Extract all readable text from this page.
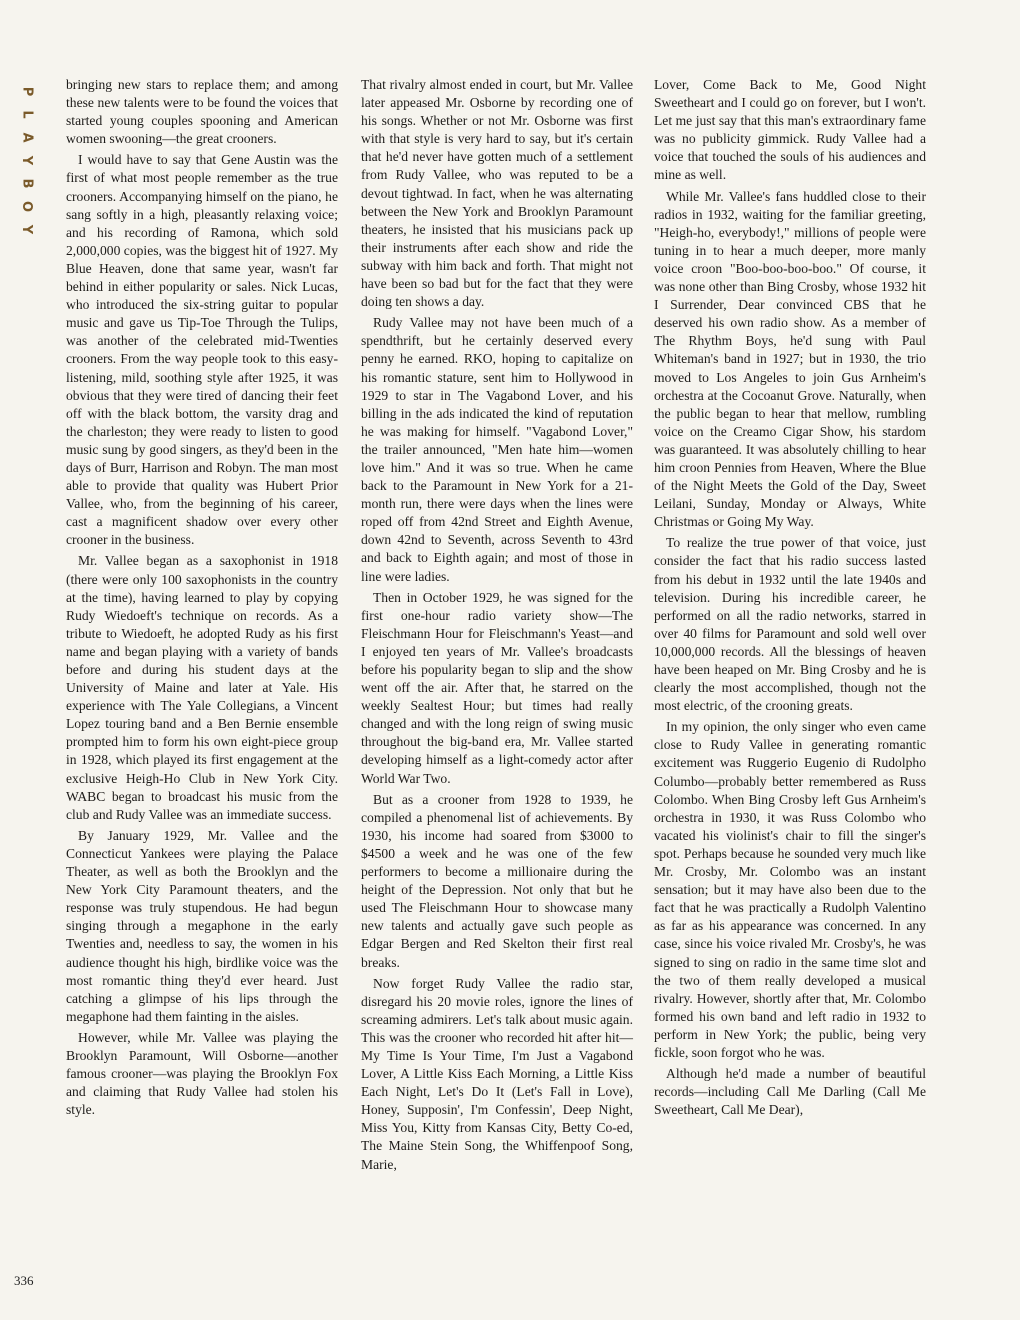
P
L
A
Y
B
O
Y
336

bringing new stars to replace them; and among these new talents were to be found the voices that started young couples spooning and American women swooning—the great crooners.

I would have to say that Gene Austin was the first of what most people remember as the true crooners. Accompanying himself on the piano, he sang softly in a high, pleasantly relaxing voice; and his recording of Ramona, which sold 2,000,000 copies, was the biggest hit of 1927. My Blue Heaven, done that same year, wasn't far behind in either popularity or sales. Nick Lucas, who introduced the six-string guitar to popular music and gave us Tip-Toe Through the Tulips, was another of the celebrated mid-Twenties crooners. From the way people took to this easy-listening, mild, soothing style after 1925, it was obvious that they were tired of dancing their feet off with the black bottom, the varsity drag and the charleston; they were ready to listen to good music sung by good singers, as they'd been in the days of Burr, Harrison and Robyn. The man most able to provide that quality was Hubert Prior Vallee, who, from the beginning of his career, cast a magnificent shadow over every other crooner in the business.

Mr. Vallee began as a saxophonist in 1918 (there were only 100 saxophonists in the country at the time), having learned to play by copying Rudy Wiedoeft's technique on records. As a tribute to Wiedoeft, he adopted Rudy as his first name and began playing with a variety of bands before and during his student days at the University of Maine and later at Yale. His experience with The Yale Collegians, a Vincent Lopez touring band and a Ben Bernie ensemble prompted him to form his own eight-piece group in 1928, which played its first engagement at the exclusive Heigh-Ho Club in New York City. WABC began to broadcast his music from the club and Rudy Vallee was an immediate success.

By January 1929, Mr. Vallee and the Connecticut Yankees were playing the Palace Theater, as well as both the Brooklyn and the New York City Paramount theaters, and the response was truly stupendous. He had begun singing through a megaphone in the early Twenties and, needless to say, the women in his audience thought his high, birdlike voice was the most romantic thing they'd ever heard. Just catching a glimpse of his lips through the megaphone had them fainting in the aisles.

However, while Mr. Vallee was playing the Brooklyn Paramount, Will Osborne—another famous crooner—was playing the Brooklyn Fox and claiming that Rudy Vallee had stolen his style.

That rivalry almost ended in court, but Mr. Vallee later appeased Mr. Osborne by recording one of his songs. Whether or not Mr. Osborne was first with that style is very hard to say, but it's certain that he'd never have gotten much of a settlement from Rudy Vallee, who was reputed to be a devout tightwad. In fact, when he was alternating between the New York and Brooklyn Paramount theaters, he insisted that his musicians pack up their instruments after each show and ride the subway with him back and forth. That might not have been so bad but for the fact that they were doing ten shows a day.

Rudy Vallee may not have been much of a spendthrift, but he certainly deserved every penny he earned. RKO, hoping to capitalize on his romantic stature, sent him to Hollywood in 1929 to star in The Vagabond Lover, and his billing in the ads indicated the kind of reputation he was making for himself. "Vagabond Lover," the trailer announced, "Men hate him—women love him." And it was so true. When he came back to the Paramount in New York for a 21-month run, there were days when the lines were roped off from 42nd Street and Eighth Avenue, down 42nd to Seventh, across Seventh to 43rd and back to Eighth again; and most of those in line were ladies.

Then in October 1929, he was signed for the first one-hour radio variety show—The Fleischmann Hour for Fleischmann's Yeast—and I enjoyed ten years of Mr. Vallee's broadcasts before his popularity began to slip and the show went off the air. After that, he starred on the weekly Sealtest Hour; but times had really changed and with the long reign of swing music throughout the big-band era, Mr. Vallee started developing himself as a light-comedy actor after World War Two.

But as a crooner from 1928 to 1939, he compiled a phenomenal list of achievements. By 1930, his income had soared from $3000 to $4500 a week and he was one of the few performers to become a millionaire during the height of the Depression. Not only that but he used The Fleischmann Hour to showcase many new talents and actually gave such people as Edgar Bergen and Red Skelton their first real breaks.

Now forget Rudy Vallee the radio star, disregard his 20 movie roles, ignore the lines of screaming admirers. Let's talk about music again. This was the crooner who recorded hit after hit—My Time Is Your Time, I'm Just a Vagabond Lover, A Little Kiss Each Morning, a Little Kiss Each Night, Let's Do It (Let's Fall in Love), Honey, Supposin', I'm Confessin', Deep Night, Miss You, Kitty from Kansas City, Betty Co-ed, The Maine Stein Song, the Whiffenpoof Song, Marie,

Lover, Come Back to Me, Good Night Sweetheart and I could go on forever, but I won't. Let me just say that this man's extraordinary fame was no publicity gimmick. Rudy Vallee had a voice that touched the souls of his audiences and mine as well.

While Mr. Vallee's fans huddled close to their radios in 1932, waiting for the familiar greeting, "Heigh-ho, everybody!," millions of people were tuning in to hear a much deeper, more manly voice croon "Boo-boo-boo-boo." Of course, it was none other than Bing Crosby, whose 1932 hit I Surrender, Dear convinced CBS that he deserved his own radio show. As a member of The Rhythm Boys, he'd sung with Paul Whiteman's band in 1927; but in 1930, the trio moved to Los Angeles to join Gus Arnheim's orchestra at the Cocoanut Grove. Naturally, when the public began to hear that mellow, rumbling voice on the Creamo Cigar Show, his stardom was guaranteed. It was absolutely chilling to hear him croon Pennies from Heaven, Where the Blue of the Night Meets the Gold of the Day, Sweet Leilani, Sunday, Monday or Always, White Christmas or Going My Way.

To realize the true power of that voice, just consider the fact that his radio success lasted from his debut in 1932 until the late 1940s and television. During his incredible career, he performed on all the radio networks, starred in over 40 films for Paramount and sold well over 10,000,000 records. All the blessings of heaven have been heaped on Mr. Bing Crosby and he is clearly the most accomplished, though not the most electric, of the crooning greats.

In my opinion, the only singer who even came close to Rudy Vallee in generating romantic excitement was Ruggerio Eugenio di Rudolpho Columbo—probably better remembered as Russ Colombo. When Bing Crosby left Gus Arnheim's orchestra in 1930, it was Russ Colombo who vacated his violinist's chair to fill the singer's spot. Perhaps because he sounded very much like Mr. Crosby, Mr. Colombo was an instant sensation; but it may have also been due to the fact that he was practically a Rudolph Valentino as far as his appearance was concerned. In any case, since his voice rivaled Mr. Crosby's, he was signed to sing on radio in the same time slot and the two of them really developed a musical rivalry. However, shortly after that, Mr. Colombo formed his own band and left radio in 1932 to perform in New York; the public, being very fickle, soon forgot who he was.

Although he'd made a number of beautiful records—including Call Me Darling (Call Me Sweetheart, Call Me Dear),
